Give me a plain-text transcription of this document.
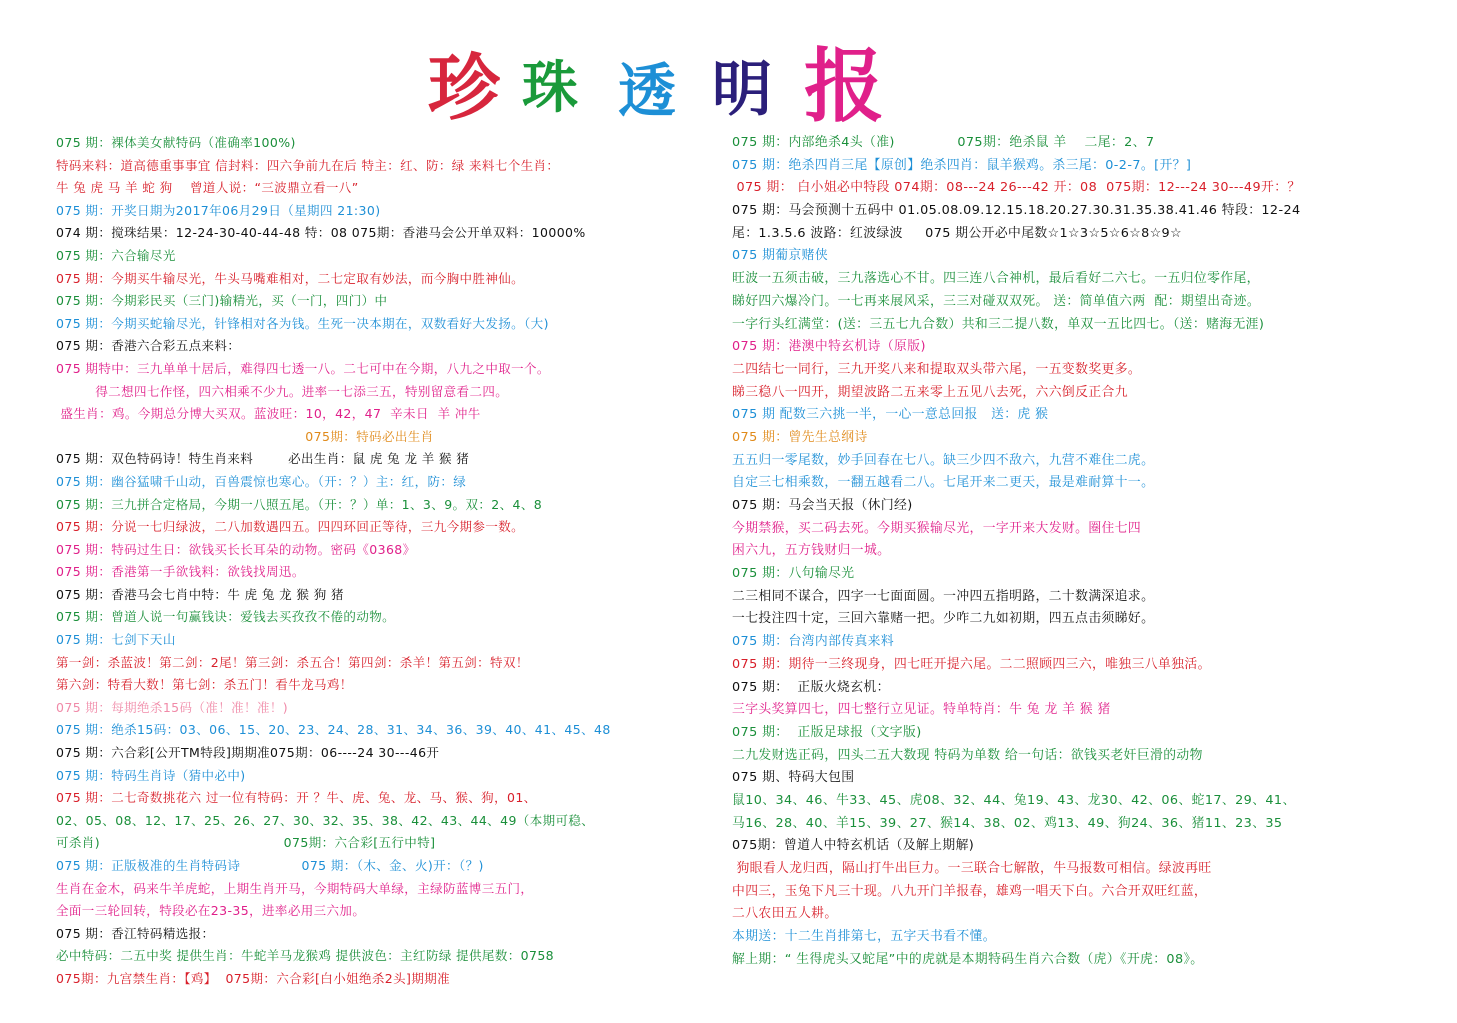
珍 珠 透 明 报
075 期：裸体美女献特码（准确率100%)
特码来料：道高德重事事宜 信封料：四六争前九在后 特主：红、防：绿 来料七个生肖：
牛 兔 虎 马 羊 蛇 狗    曾道人说：“三波鼎立看一八”
075 期：开奖日期为2017年06月29日（星期四 21:30)
074 期：搅珠结果：12-24-30-40-44-48 特：08 075期：香港马会公开单双料：10000%
075 期：六合输尽光
075 期：今期买牛输尽光，牛头马嘴难相对，二七定取有妙法，而今胸中胜神仙。
075 期：今期彩民买（三门)输精光，买（一门，四门）中
075 期：今期买蛇输尽光，针锋相对各为钱。生死一决本期在，双数看好大发扬。（大)
075 期：香港六合彩五点来料：
075 期特中：三九单单十居后，难得四七透一八。二七可中在今期，八九之中取一个。
得二想四七作怪，四六相乘不少九。进率一七添三五，特别留意看二四。
盛生肖：鸡。今期总分博大买双。蓝波旺：10，42，47  辛未日  羊 冲牛
075期：特码必出生肖
075 期：双色特码诗！特生肖来料        必出生肖：鼠 虎 兔 龙 羊 猴 猪
075 期：幽谷猛啸千山动，百兽震惊也寒心。（开：？）主：红，防：绿
075 期：三九拼合定格局，今期一八照五尾。（开：？）单：1、3、9。双：2、4、8
075 期：分说一七归绿波，二八加数遇四五。四四环回正等待，三九今期参一数。
075 期：特码过生日：欲钱买长长耳朵的动物。密码《0368》
075 期：香港第一手欲钱料：欲钱找周迅。
075 期：香港马会七肖中特：牛 虎 兔 龙 猴 狗 猪
075 期：曾道人说一句赢钱诀：爱钱去买孜孜不倦的动物。
075 期：七剑下天山
第一剑：杀蓝波！第二剑：2尾！第三剑：杀五合！第四剑：杀羊！第五剑：特双！
第六剑：特看大数！第七剑：杀五门！看牛龙马鸡！
075 期：每期绝杀15码（准！准！准！)
075 期：绝杀15码：03、06、15、20、23、24、28、31、34、36、39、40、41、45、48
075 期：六合彩[公开TM特段]期期准075期：06----24 30---46开
075 期：特码生肖诗（猜中必中)
075 期：二七奇数挑花六 过一位有特码：开 ？牛、虎、兔、龙、马、猴、狗，01、
02、05、08、12、17、25、26、27、30、32、35、38、42、43、44、49（本期可稳、
可杀肖)                                          075期：六合彩[五行中特]
075 期：正版极准的生肖特码诗              075 期：（木、金、火)开：（？)
生肖在金木，码来牛羊虎蛇，上期生肖开马，今期特码大单绿，主绿防蓝博三五门，
全面一三轮回转，特段必在23-35，进率必用三六加。
075 期：香江特码精选报：
必中特码：二五中奖 提供生肖：牛蛇羊马龙猴鸡 提供波色：主红防绿 提供尾数：0758
075期：九宫禁生肖：【鸡】  075期：六合彩[白小姐绝杀2头]期期准
075 期：内部绝杀4头（准)              075期：绝杀鼠 羊    二尾：2、7
075 期：绝杀四肖三尾【原创】绝杀四肖：鼠羊猴鸡。杀三尾：0-2-7。[开？]
075 期： 白小姐必中特段 074期：08---24 26---42 开：08  075期：12---24 30---49开：？
075 期：马会预测十五码中 01.05.08.09.12.15.18.20.27.30.31.35.38.41.46 特段：12-24
尾：1.3.5.6 波路：红波绿波     075 期公开必中尾数☆1☆3☆5☆6☆8☆9☆
075 期葡京赌侠
旺波一五须击破，三九落选心不甘。四三连八合神机，最后看好二六七。一五归位零作尾，
睇好四六爆冷门。一七再来展风采，三三对碰双双死。 送：简单值六两  配：期望出奇迹。
一字行头红满堂：(送：三五七九合数）共和三二提八数，单双一五比四七。（送：赌海无涯)
075 期：港澳中特玄机诗（原版)
二四结七一同行，三九开奖八来和提取双头带六尾，一五变数奖更多。
睇三稳八一四开，期望波路二五来零上五见八去死，六六倒反正合九
075 期 配数三六挑一半，一心一意总回报   送：虎 猴
075 期：曾先生总纲诗
五五归一零尾数，妙手回春在七八。缺三少四不敌六，九营不难住二虎。
自定三七相乘数，一翻五越看二八。七尾开来二更天，最是难耐算十一。
075 期：马会当天报（休门经)
今期禁猴，买二码去死。今期买猴输尽光，一字开来大发财。圈住七四
困六九，五方钱财归一城。
075 期：八句输尽光
二三相同不谋合，四字一七面面圆。一冲四五指明路，二十数满深追求。
一七投注四十定，三回六靠赌一把。少咋二九如初期，四五点击须睇好。
075 期：台湾内部传真来料
075 期：期待一三终现身，四七旺开提六尾。二二照顾四三六，唯独三八单独活。
075 期：  正版火烧玄机：
三字头奖算四七，四七整行立见证。特单特肖：牛 兔 龙 羊 猴 猪
075 期：  正版足球报（文字版)
二九发财选正码，四头二五大数现 特码为单数 给一句话：欲钱买老奸巨滑的动物
075 期、特码大包围
鼠10、34、46、牛33、45、虎08、32、44、兔19、43、龙30、42、06、蛇17、29、41、
马16、28、40、羊15、39、27、猴14、38、02、鸡13、49、狗24、36、猪11、23、35
075期：曾道人中特玄机话（及解上期解)
狗眼看人龙归西，隔山打牛出巨力。一三联合七解散，牛马报数可相信。绿波再旺
中四三，玉兔下凡三十现。八九开门羊报春，雄鸡一唱天下白。六合开双旺红蓝，
二八农田五人耕。
本期送：十二生肖排第七，五字天书看不懂。
解上期：“ 生得虎头又蛇尾”中的虎就是本期特码生肖六合数（虎）《开虎：08》。
